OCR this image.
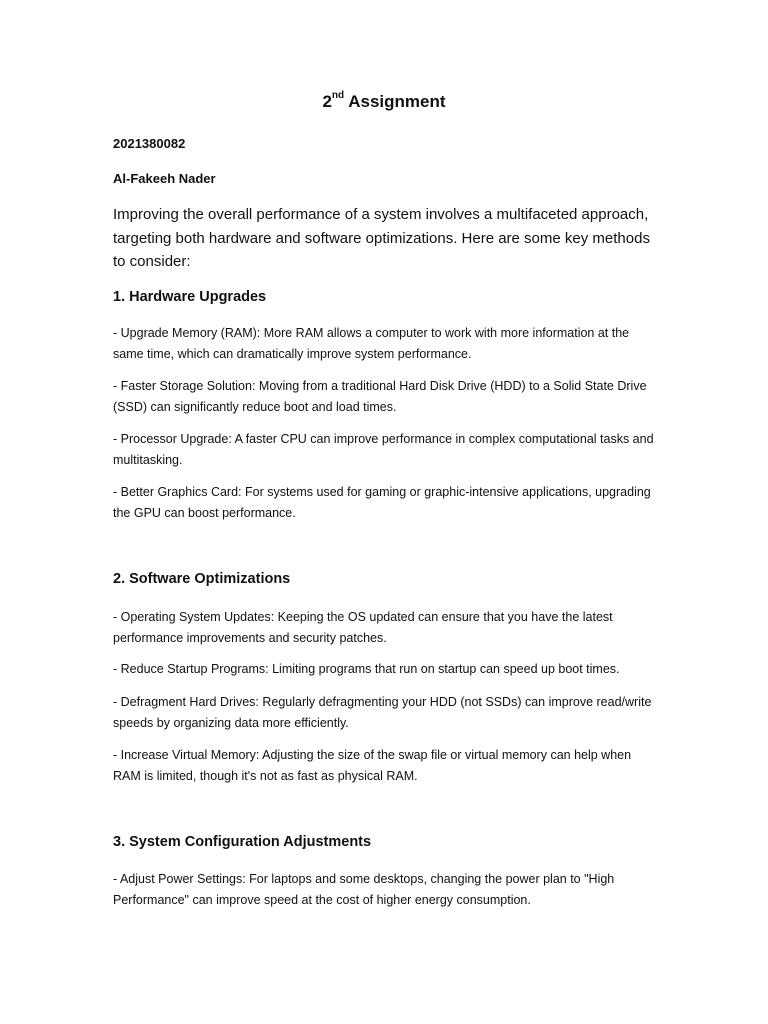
2nd Assignment
2021380082
Al-Fakeeh Nader
Improving the overall performance of a system involves a multifaceted approach, targeting both hardware and software optimizations. Here are some key methods to consider:
1. Hardware Upgrades
- Upgrade Memory (RAM): More RAM allows a computer to work with more information at the same time, which can dramatically improve system performance.
- Faster Storage Solution: Moving from a traditional Hard Disk Drive (HDD) to a Solid State Drive (SSD) can significantly reduce boot and load times.
- Processor Upgrade: A faster CPU can improve performance in complex computational tasks and multitasking.
- Better Graphics Card: For systems used for gaming or graphic-intensive applications, upgrading the GPU can boost performance.
2. Software Optimizations
- Operating System Updates: Keeping the OS updated can ensure that you have the latest performance improvements and security patches.
- Reduce Startup Programs: Limiting programs that run on startup can speed up boot times.
- Defragment Hard Drives: Regularly defragmenting your HDD (not SSDs) can improve read/write speeds by organizing data more efficiently.
- Increase Virtual Memory: Adjusting the size of the swap file or virtual memory can help when RAM is limited, though it's not as fast as physical RAM.
3. System Configuration Adjustments
- Adjust Power Settings: For laptops and some desktops, changing the power plan to "High Performance" can improve speed at the cost of higher energy consumption.
